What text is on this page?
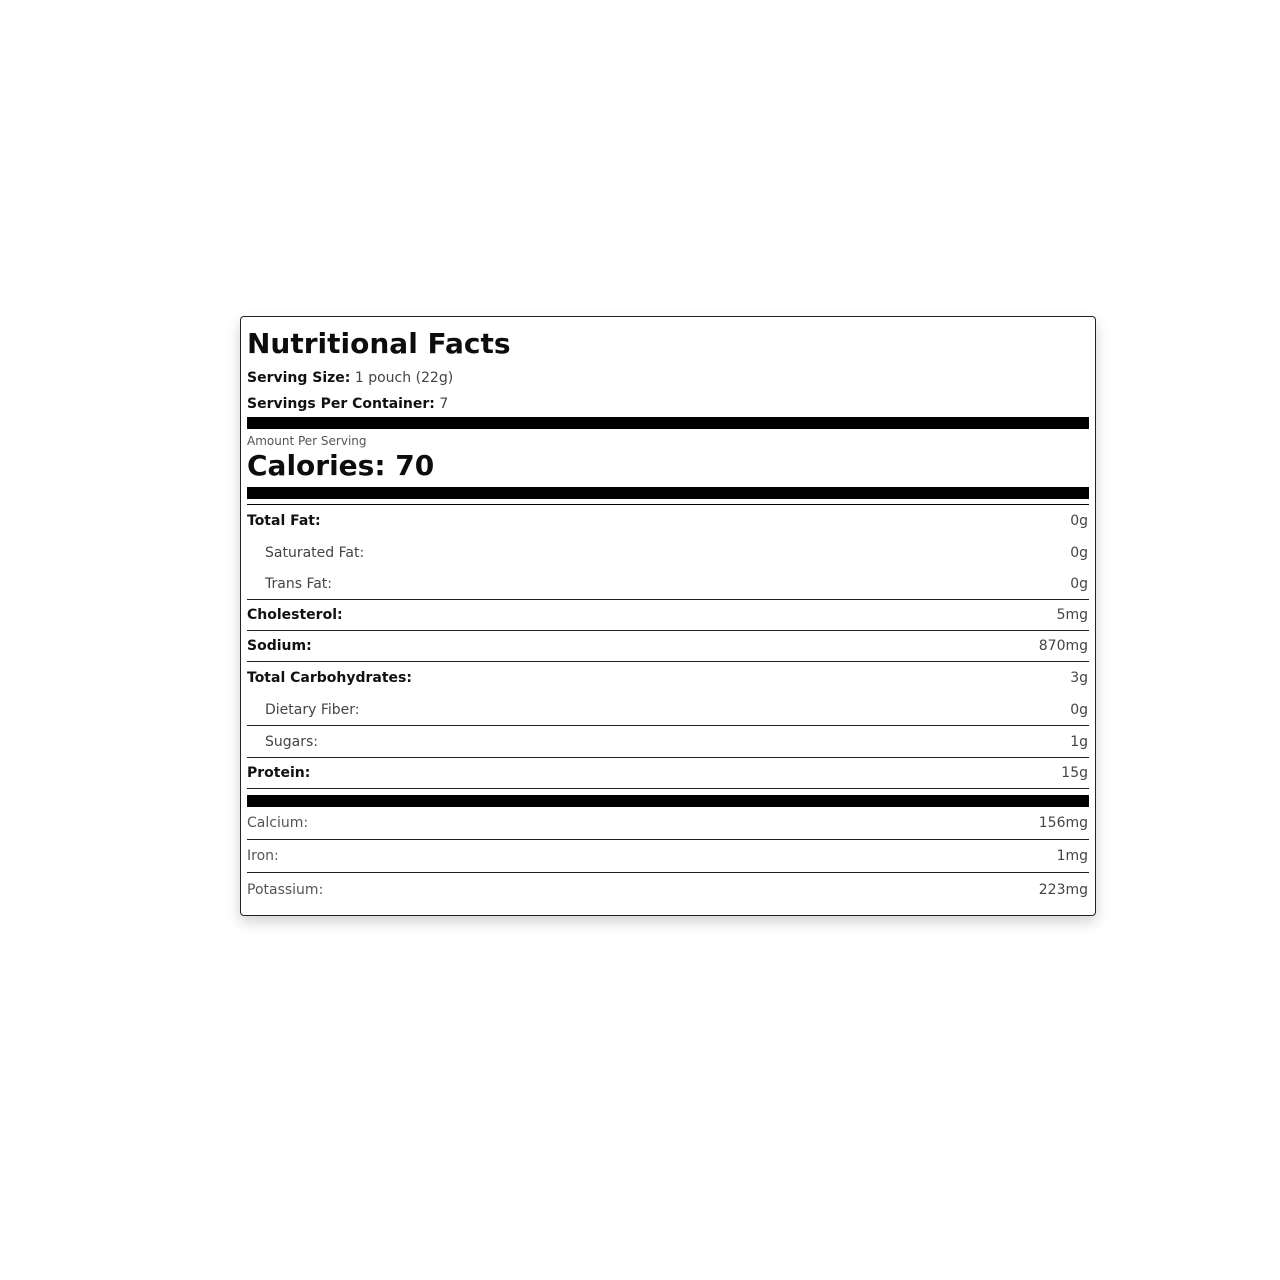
Nutritional Facts
Serving Size: 1 pouch (22g)
Servings Per Container: 7
Amount Per Serving
Calories: 70
Total Fat:	0g
Saturated Fat:	0g
Trans Fat:	0g
Cholesterol:	5mg
Sodium:	870mg
Total Carbohydrates:	3g
Dietary Fiber:	0g
Sugars:	1g
Protein:	15g
Calcium:	156mg
Iron:	1mg
Potassium:	223mg
